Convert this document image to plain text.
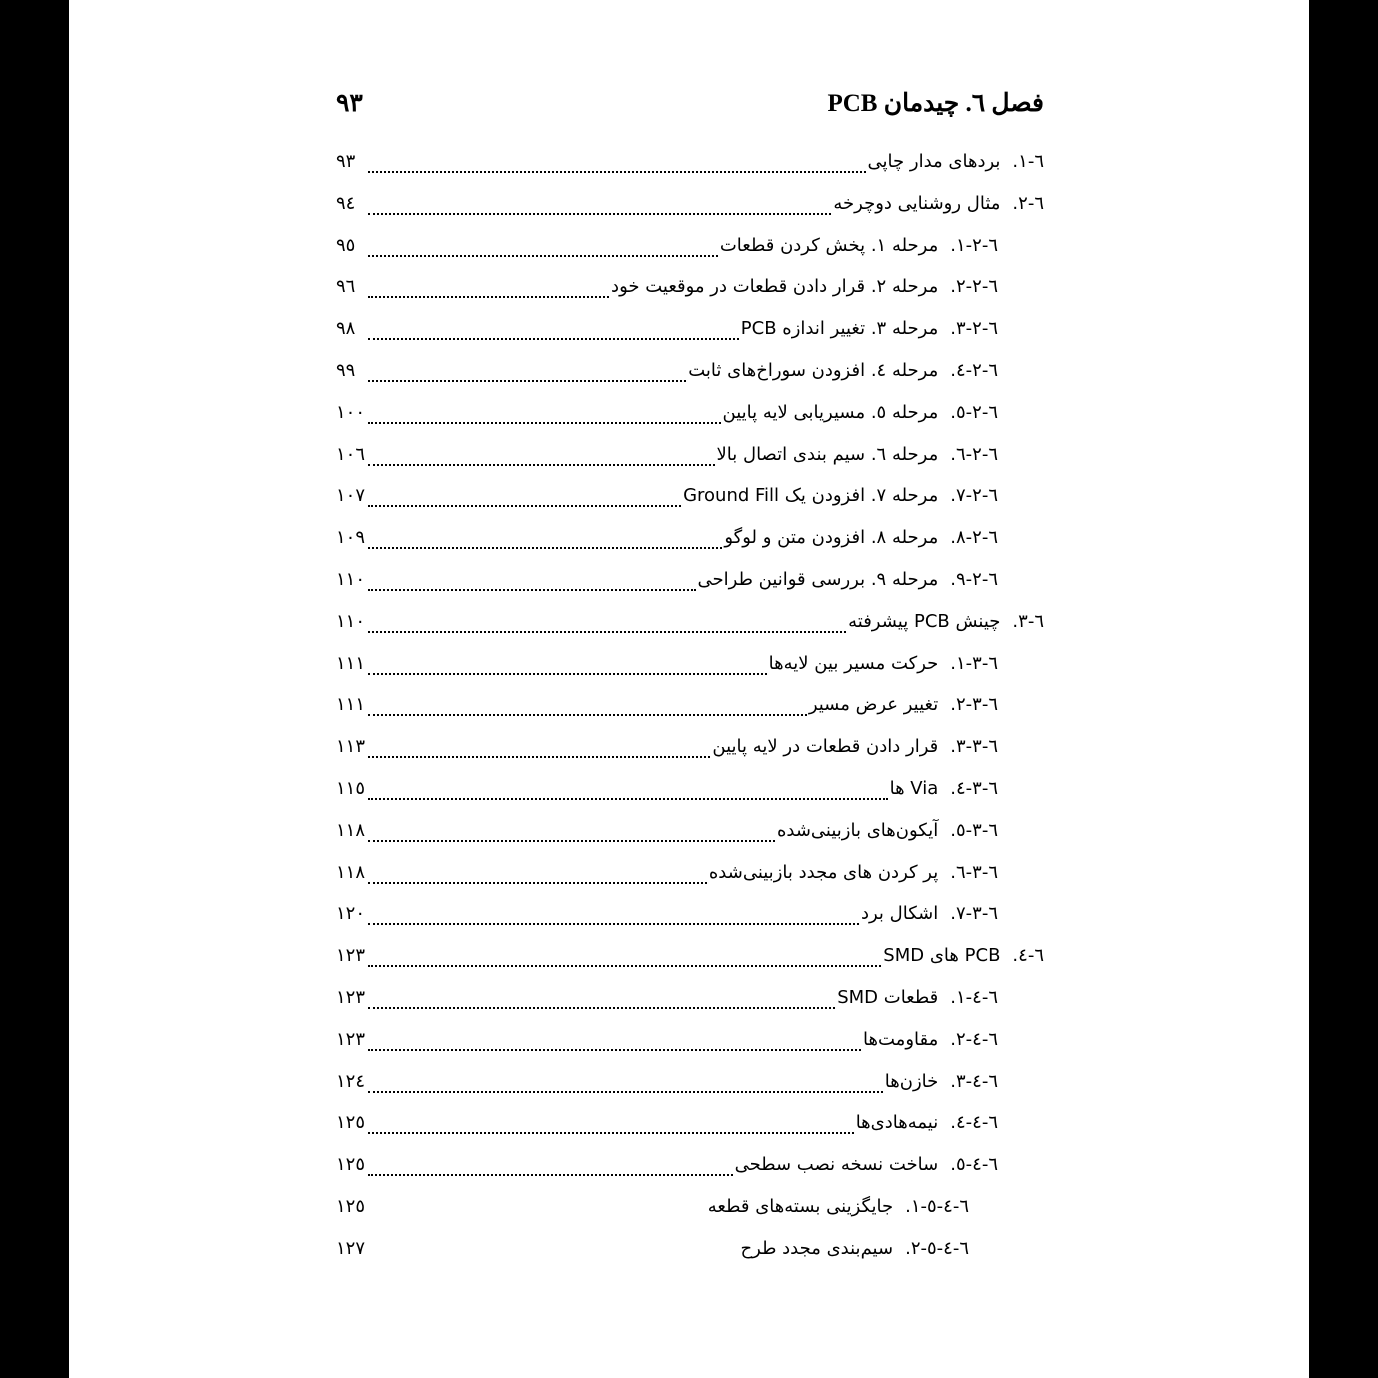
فصل ٦. چیدمان PCB
٩٣
٦-١.
بردهای مدار چاپی
٩٣
٦-٢.
مثال روشنایی دوچرخه
٩٤
٦-٢-١.
مرحله ١. پخش کردن قطعات
٩٥
٦-٢-٢.
مرحله ٢. قرار دادن قطعات در موقعیت خود
٩٦
٦-٢-٣.
مرحله ٣. تغییر اندازه PCB
٩٨
٦-٢-٤.
مرحله ٤. افزودن سوراخ‌های ثابت
٩٩
٦-٢-٥.
مرحله ٥. مسیریابی لایه پایین
١٠٠
٦-٢-٦.
مرحله ٦. سیم بندی اتصال بالا
١٠٦
٦-٢-٧.
مرحله ٧. افزودن یک Ground Fill
١٠٧
٦-٢-٨.
مرحله ٨. افزودن متن و لوگو
١٠٩
٦-٢-٩.
مرحله ٩. بررسی قوانین طراحی
١١٠
٦-٣.
چینش PCB پیشرفته
١١٠
٦-٣-١.
حرکت مسیر بین لایه‌ها
١١١
٦-٣-٢.
تغییر عرض مسیر
١١١
٦-٣-٣.
قرار دادن قطعات در لایه پایین
١١٣
٦-٣-٤.
Via ها
١١٥
٦-٣-٥.
آیکون‌های بازبینی‌شده
١١٨
٦-٣-٦.
پر کردن های مجدد بازبینی‌شده
١١٨
٦-٣-٧.
اشکال برد
١٢٠
٦-٤.
PCB های SMD
١٢٣
٦-٤-١.
قطعات SMD
١٢٣
٦-٤-٢.
مقاومت‌ها
١٢٣
٦-٤-٣.
خازن‌ها
١٢٤
٦-٤-٤.
نیمه‌هادی‌ها
١٢٥
٦-٤-٥.
ساخت نسخه نصب سطحی
١٢٥
٦-٤-٥-١.
جایگزینی بسته‌های قطعه
١٢٥
٦-٤-٥-٢.
سیم‌بندی مجدد طرح
١٢٧
